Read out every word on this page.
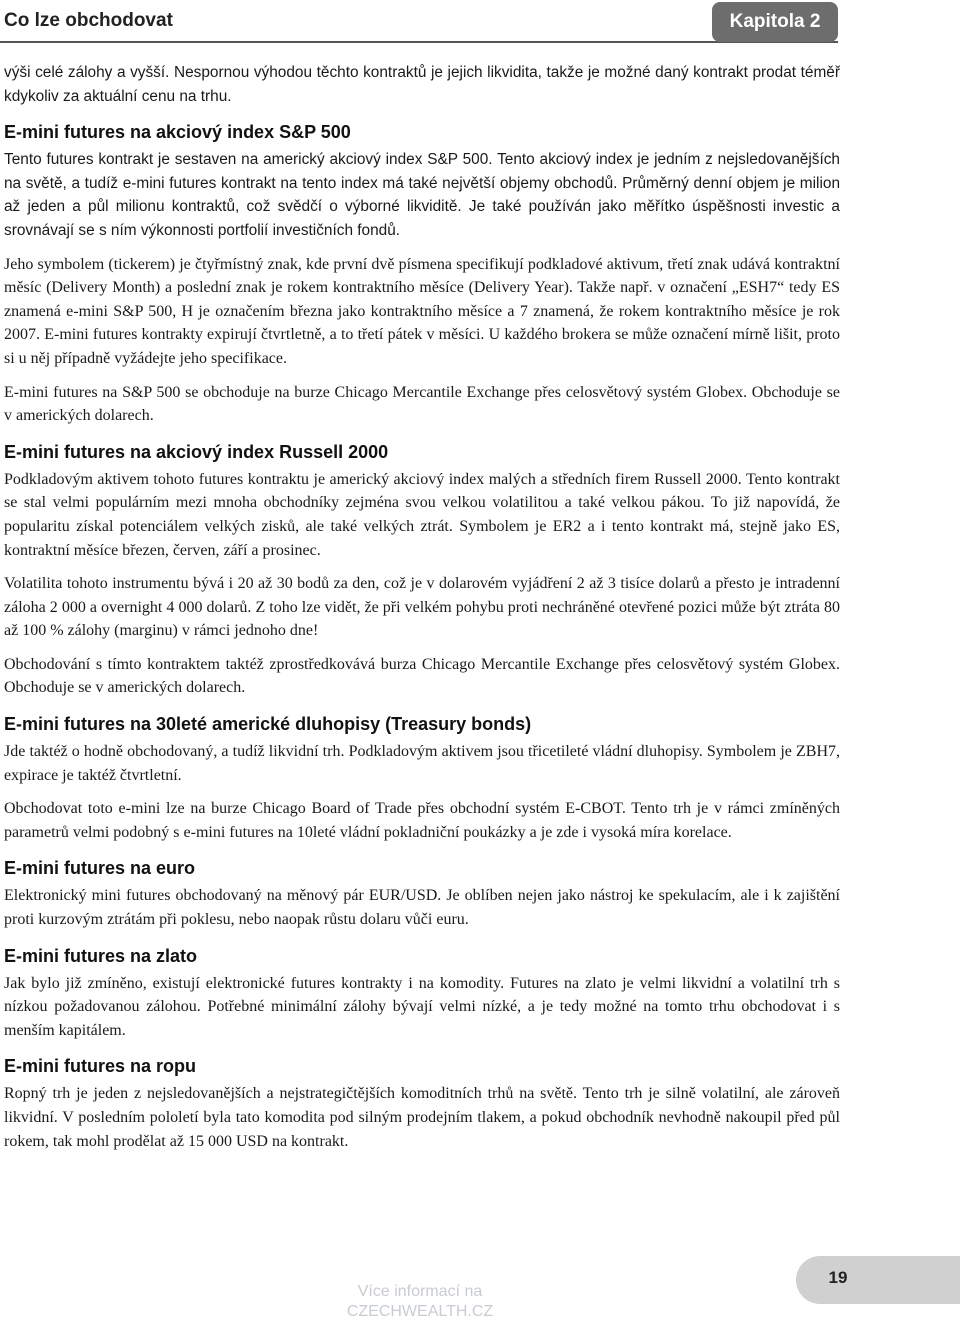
Co lze obchodovat	Kapitola 2

výši celé zálohy a vyšší. Nespornou výhodou těchto kontraktů je jejich likvidita, takže je možné daný kontrakt prodat téměř kdykoliv za aktuální cenu na trhu.

E-mini futures na akciový index S&P 500

Tento futures kontrakt je sestaven na americký akciový index S&P 500. Tento akciový index je jedním z nejsledovanějších na světě, a tudíž e-mini futures kontrakt na tento index má také největší objemy obchodů. Průměrný denní objem je milion až jeden a půl milionu kontraktů, což svědčí o výborné likviditě. Je také používán jako měřítko úspěšnosti investic a srovnávají se s ním výkonnosti portfolií investičních fondů.

Jeho symbolem (tickerem) je čtyřmístný znak, kde první dvě písmena specifikují podkladové aktivum, třetí znak udává kontraktní měsíc (Delivery Month) a poslední znak je rokem kontraktního měsíce (Delivery Year). Takže např. v označení „ESH7“ tedy ES znamená e-mini S&P 500, H je označením března jako kontraktního měsíce a 7 znamená, že rokem kontraktního měsíce je rok 2007. E-mini futures kontrakty expirují čtvrtletně, a to třetí pátek v měsíci. U každého brokera se může označení mírně lišit, proto si u něj případně vyžádejte jeho specifikace.

E-mini futures na S&P 500 se obchoduje na burze Chicago Mercantile Exchange přes celosvětový systém Globex. Obchoduje se v amerických dolarech.

E-mini futures na akciový index Russell 2000

Podkladovým aktivem tohoto futures kontraktu je americký akciový index malých a středních firem Russell 2000. Tento kontrakt se stal velmi populárním mezi mnoha obchodníky zejména svou velkou volatilitou a také velkou pákou. To již napovídá, že popularitu získal potenciálem velkých zisků, ale také velkých ztrát. Symbolem je ER2 a i tento kontrakt má, stejně jako ES, kontraktní měsíce březen, červen, září a prosinec.

Volatilita tohoto instrumentu bývá i 20 až 30 bodů za den, což je v dolarovém vyjádření 2 až 3 tisíce dolarů a přesto je intradenní záloha 2 000 a overnight 4 000 dolarů. Z toho lze vidět, že při velkém pohybu proti nechráněné otevřené pozici může být ztráta 80 až 100 % zálohy (marginu) v rámci jednoho dne!

Obchodování s tímto kontraktem taktéž zprostředkovává burza Chicago Mercantile Exchange přes celosvětový systém Globex. Obchoduje se v amerických dolarech.

E-mini futures na 30leté americké dluhopisy (Treasury bonds)

Jde taktéž o hodně obchodovaný, a tudíž likvidní trh. Podkladovým aktivem jsou třicetileté vládní dluhopisy. Symbolem je ZBH7, expirace je taktéž čtvrtletní.

Obchodovat toto e-mini lze na burze Chicago Board of Trade přes obchodní systém E-CBOT. Tento trh je v rámci zmíněných parametrů velmi podobný s e-mini futures na 10leté vládní pokladniční poukázky a je zde i vysoká míra korelace.

E-mini futures na euro

Elektronický mini futures obchodovaný na měnový pár EUR/USD. Je oblíben nejen jako nástroj ke spekulacím, ale i k zajištění proti kurzovým ztrátám při poklesu, nebo naopak růstu dolaru vůči euru.

E-mini futures na zlato

Jak bylo již zmíněno, existují elektronické futures kontrakty i na komodity. Futures na zlato je velmi likvidní a volatilní trh s nízkou požadovanou zálohou. Potřebné minimální zálohy bývají velmi nízké, a je tedy možné na tomto trhu obchodovat i s menším kapitálem.

E-mini futures na ropu

Ropný trh je jeden z nejsledovanějších a nejstrategičtějších komoditních trhů na světě. Tento trh je silně volatilní, ale zároveň likvidní. V posledním pololetí byla tato komodita pod silným prodejním tlakem, a pokud obchodník nevhodně nakoupil před půl rokem, tak mohl prodělat až 15 000 USD na kontrakt.

Více informací na
CZECHWEALTH.CZ
19
